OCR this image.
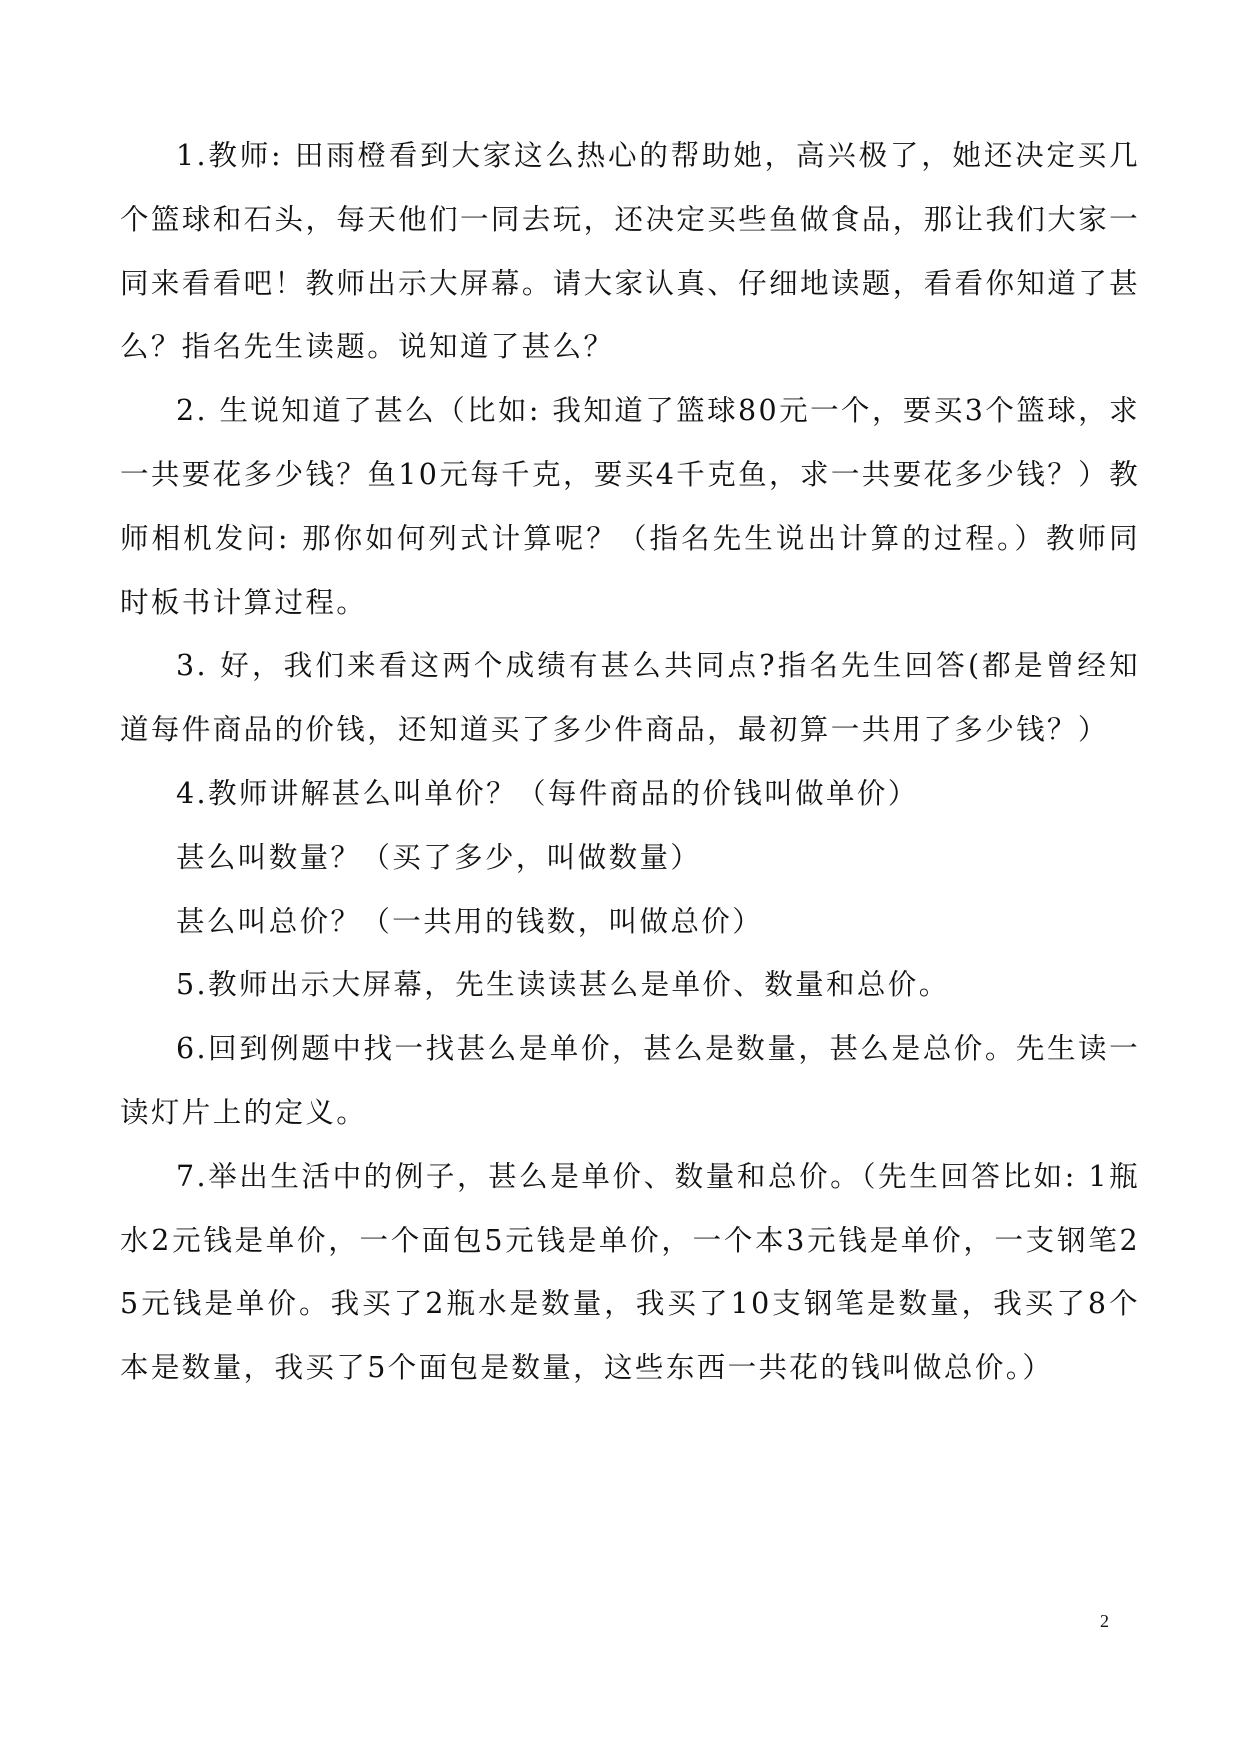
1.教师: 田雨橙看到大家这么热心的帮助她，高兴极了，她还决定买几个篮球和石头，每天他们一同去玩，还决定买些鱼做食品，那让我们大家一同来看看吧！教师出示大屏幕。请大家认真、仔细地读题，看看你知道了甚么？指名先生读题。说知道了甚么？

2. 生说知道了甚么（比如: 我知道了篮球80元一个，要买3个篮球，求一共要花多少钱？鱼10元每千克，要买4千克鱼，求一共要花多少钱？）教师相机发问: 那你如何列式计算呢？（指名先生说出计算的过程。）教师同时板书计算过程。

3. 好，我们来看这两个成绩有甚么共同点?指名先生回答(都是曾经知道每件商品的价钱，还知道买了多少件商品，最初算一共用了多少钱？）

4.教师讲解甚么叫单价？（每件商品的价钱叫做单价）

甚么叫数量？（买了多少，叫做数量）

甚么叫总价？（一共用的钱数，叫做总价）

5.教师出示大屏幕，先生读读甚么是单价、数量和总价。

6.回到例题中找一找甚么是单价，甚么是数量，甚么是总价。先生读一读灯片上的定义。

7.举出生活中的例子，甚么是单价、数量和总价。（先生回答比如: 1瓶水2元钱是单价，一个面包5元钱是单价，一个本3元钱是单价，一支钢笔25元钱是单价。我买了2瓶水是数量，我买了10支钢笔是数量，我买了8个本是数量，我买了5个面包是数量，这些东西一共花的钱叫做总价。）

2
